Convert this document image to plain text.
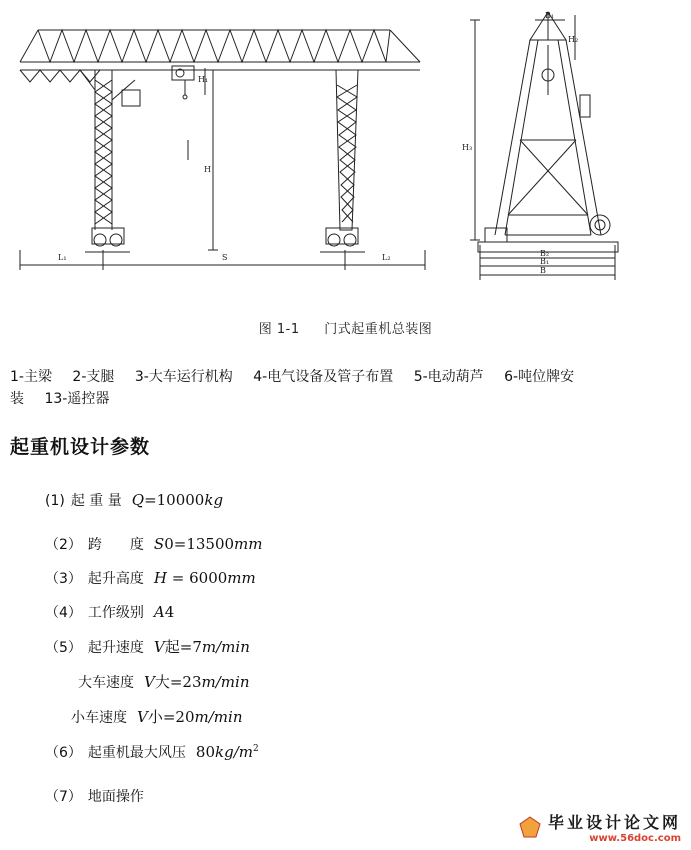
H₁
H
L₁	S	L₂
B₁
H₂
H₃
B₂
B₁
B
图 1-1 门式起重机总装图
1-主梁 2-支腿 3-大车运行机构 4-电气设备及管子布置 5-电动葫芦 6-吨位牌安
装 13-遥控器
起重机设计参数
(1) 起 重 量 Q=10000kg
（2） 跨　　度 S0=13500mm
（3） 起升高度 H = 6000mm
（4） 工作级别 A4
（5） 起升速度 V起=7m/min
大车速度 V大=23m/min
小车速度 V小=20m/min
（6） 起重机最大风压 $80kg/m^2$
（7） 地面操作
毕业设计论文网
www.56doc.com
